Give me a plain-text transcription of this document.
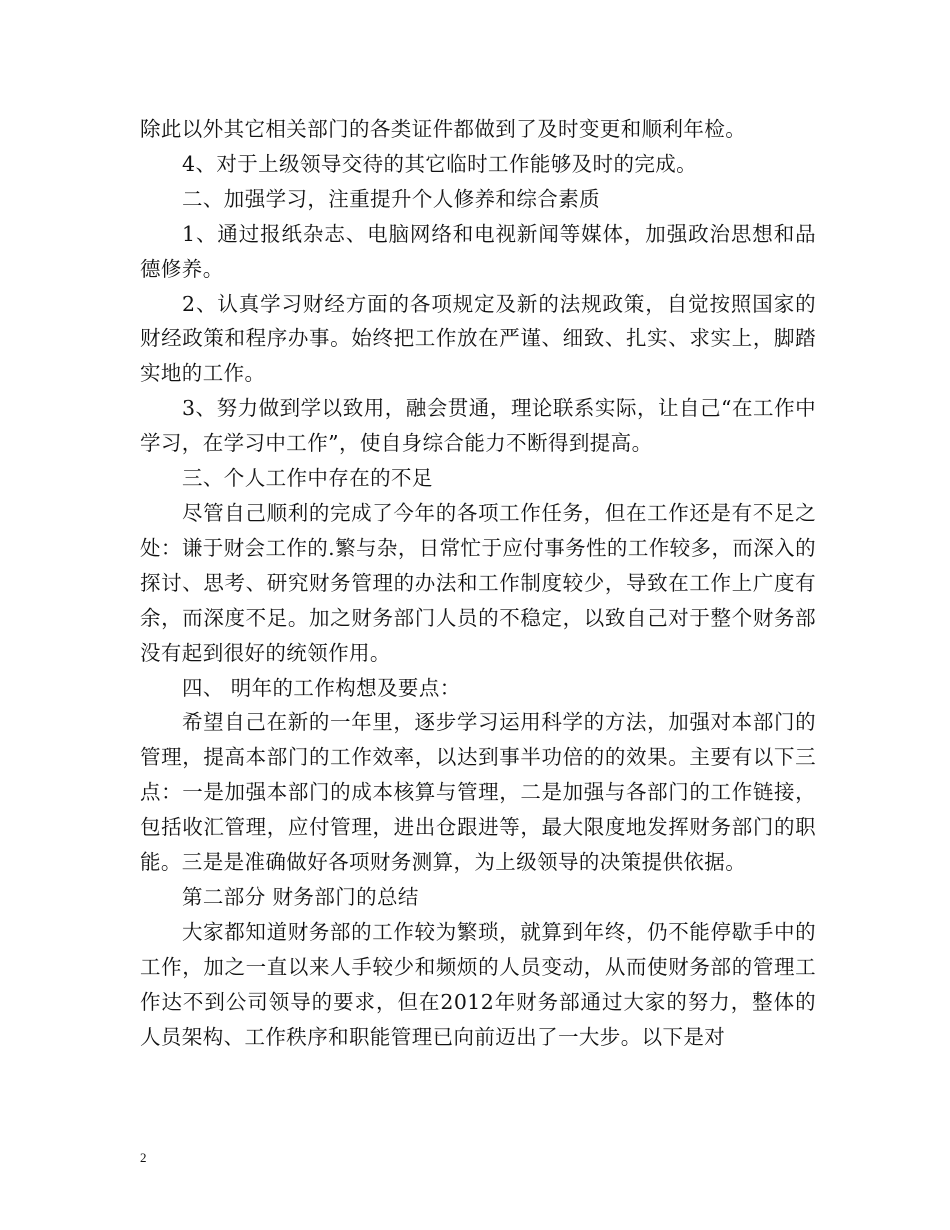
除此以外其它相关部门的各类证件都做到了及时变更和顺利年检。

4、对于上级领导交待的其它临时工作能够及时的完成。

二、加强学习，注重提升个人修养和综合素质

1、通过报纸杂志、电脑网络和电视新闻等媒体，加强政治思想和品德修养。

2、认真学习财经方面的各项规定及新的法规政策，自觉按照国家的财经政策和程序办事。始终把工作放在严谨、细致、扎实、求实上，脚踏实地的工作。

3、努力做到学以致用，融会贯通，理论联系实际，让自己“在工作中学习，在学习中工作”，使自身综合能力不断得到提高。

三、个人工作中存在的不足

尽管自己顺利的完成了今年的各项工作任务，但在工作还是有不足之处：谦于财会工作的.繁与杂，日常忙于应付事务性的工作较多，而深入的探讨、思考、研究财务管理的办法和工作制度较少，导致在工作上广度有余，而深度不足。加之财务部门人员的不稳定，以致自己对于整个财务部没有起到很好的统领作用。

四、 明年的工作构想及要点：

希望自己在新的一年里，逐步学习运用科学的方法，加强对本部门的管理，提高本部门的工作效率，以达到事半功倍的的效果。主要有以下三点：一是加强本部门的成本核算与管理，二是加强与各部门的工作链接，包括收汇管理，应付管理，进出仓跟进等，最大限度地发挥财务部门的职能。三是是准确做好各项财务测算，为上级领导的决策提供依据。

第二部分 财务部门的总结

大家都知道财务部的工作较为繁琐，就算到年终，仍不能停歇手中的工作，加之一直以来人手较少和频烦的人员变动，从而使财务部的管理工作达不到公司领导的要求，但在2012年财务部通过大家的努力，整体的人员架构、工作秩序和职能管理已向前迈出了一大步。以下是对

2
